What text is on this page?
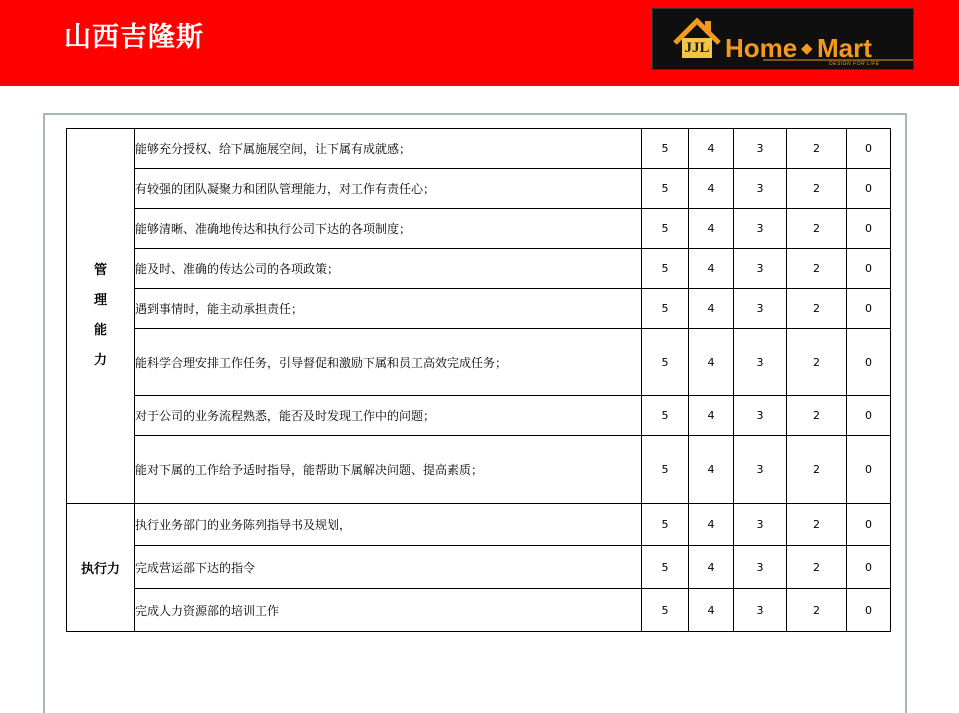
山西吉隆斯	JJL Home ◆ Mart
DESIGN FOR LIFE
管
理
能
力	能够充分授权、给下属施展空间，让下属有成就感；	5	4	3	2	0
	有较强的团队凝聚力和团队管理能力，对工作有责任心；	5	4	3	2	0
	能够清晰、准确地传达和执行公司下达的各项制度；	5	4	3	2	0
	能及时、准确的传达公司的各项政策；	5	4	3	2	0
	遇到事情时，能主动承担责任；	5	4	3	2	0
	能科学合理安排工作任务，引导督促和激励下属和员工高效完成任务；	5	4	3	2	0
	对于公司的业务流程熟悉，能否及时发现工作中的问题；	5	4	3	2	0
	能对下属的工作给予适时指导，能帮助下属解决问题、提高素质；	5	4	3	2	0
执行力	执行业务部门的业务陈列指导书及规划，	5	4	3	2	0
	完成营运部下达的指令	5	4	3	2	0
	完成人力资源部的培训工作	5	4	3	2	0
